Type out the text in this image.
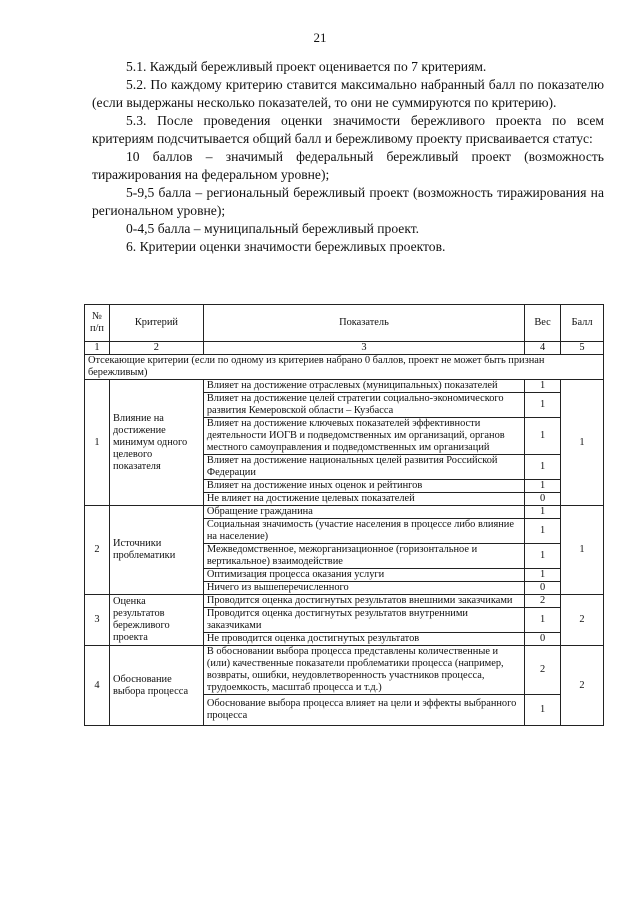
21

5.1. Каждый бережливый проект оценивается по 7 критериям.

5.2. По каждому критерию ставится максимально набранный балл по показателю (если выдержаны несколько показателей, то они не суммируются по критерию).

5.3. После проведения оценки значимости бережливого проекта по всем критериям подсчитывается общий балл и бережливому проекту присваивается статус:

10 баллов – значимый федеральный бережливый проект (возможность тиражирования на федеральном уровне);

5-9,5 балла – региональный бережливый проект (возможность тиражирования на региональном уровне);

0-4,5 балла – муниципальный бережливый проект.

6. Критерии оценки значимости бережливых проектов.

№ п/п	Критерий	Показатель	Вес	Балл
1	2	3	4	5
Отсекающие критерии (если по одному из критериев набрано 0 баллов, проект не может быть признан бережливым)				
1	Влияние на достижение минимум одного целевого показателя	Влияет на достижение отраслевых (муниципальных) показателей	1	1
		Влияет на достижение целей стратегии социально-экономического развития Кемеровской области – Кузбасса	1	
		Влияет на достижение ключевых показателей эффективности деятельности ИОГВ и подведомственных им организаций, органов местного самоуправления и подведомственных им организаций	1	
		Влияет на достижение национальных целей развития Российской Федерации	1	
		Влияет на достижение иных оценок и рейтингов	1	
		Не влияет на достижение целевых показателей	0	
2	Источники проблематики	Обращение гражданина	1	1
		Социальная значимость (участие населения в процессе либо влияние на население)	1	
		Межведомственное, межорганизационное (горизонтальное и вертикальное) взаимодействие	1	
		Оптимизация процесса оказания услуги	1	
		Ничего из вышеперечисленного	0	
3	Оценка результатов бережливого проекта	Проводится оценка достигнутых результатов внешними заказчиками	2	2
		Проводится оценка достигнутых результатов внутренними заказчиками	1	
		Не проводится оценка достигнутых результатов	0	
4	Обоснование выбора процесса	В обосновании выбора процесса представлены количественные и (или) качественные показатели проблематики процесса (например, возвраты, ошибки, неудовлетворенность участников процесса, трудоемкость, масштаб процесса и т.д.)	2	2
		Обоснование выбора процесса влияет на цели и эффекты выбранного процесса	1	
